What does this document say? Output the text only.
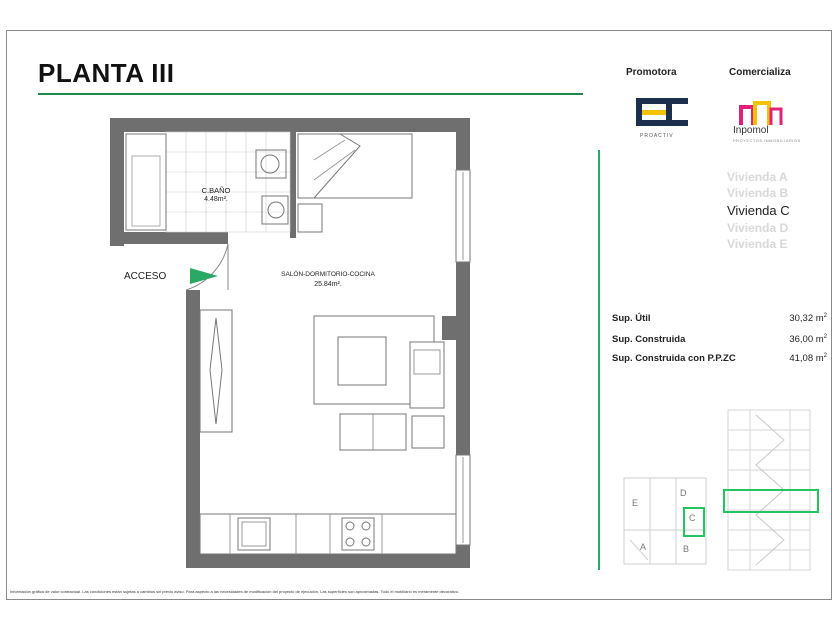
PLANTA III	Promotora	Comercializa
PROACTIV	Inpomol
PROYECTOS INMOBILIARIOS
Vivienda A
Vivienda B
Vivienda C
Vivienda D
Vivienda E
Sup. Útil	30,32 $m^2$
Sup. Construida	36,00 $m^2$
Sup. Construida con P.P.ZC	41,08 $m^2$
A	B
C
D
E
C.BAÑO
4.48m².
SALÓN-DORMITORIO-COCINA
25.84m².
ACCESO
Información gráfica de valor contractual. Las condiciones están sujetas a cambios sin previo aviso. Para aspecto a las necesidades de modificación del proyecto de ejecución. Las superficies son aproximadas. Todo el mobiliario es meramente decorativo.
